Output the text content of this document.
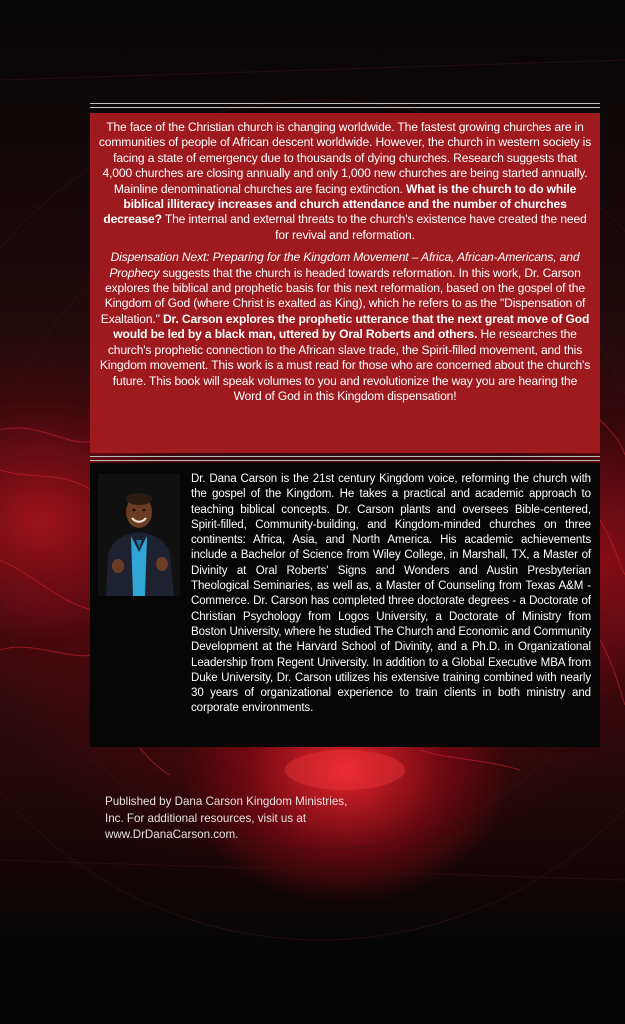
The face of the Christian church is changing worldwide. The fastest growing churches are in communities of people of African descent worldwide. However, the church in western society is facing a state of emergency due to thousands of dying churches. Research suggests that 4,000 churches are closing annually and only 1,000 new churches are being started annually. Mainline denominational churches are facing extinction. What is the church to do while biblical illiteracy increases and church attendance and the number of churches decrease? The internal and external threats to the church's existence have created the need for revival and reformation.

Dispensation Next: Preparing for the Kingdom Movement – Africa, African-Americans, and Prophecy suggests that the church is headed towards reformation. In this work, Dr. Carson explores the biblical and prophetic basis for this next reformation, based on the gospel of the Kingdom of God (where Christ is exalted as King), which he refers to as the "Dispensation of Exaltation." Dr. Carson explores the prophetic utterance that the next great move of God would be led by a black man, uttered by Oral Roberts and others. He researches the church's prophetic connection to the African slave trade, the Spirit-filled movement, and this Kingdom movement. This work is a must read for those who are concerned about the church's future. This book will speak volumes to you and revolutionize the way you are hearing the Word of God in this Kingdom dispensation!

Dr. Dana Carson is the 21st century Kingdom voice, reforming the church with the gospel of the Kingdom. He takes a practical and academic approach to teaching biblical concepts. Dr. Carson plants and oversees Bible-centered, Spirit-filled, Community-building, and Kingdom-minded churches on three continents: Africa, Asia, and North America. His academic achievements include a Bachelor of Science from Wiley College, in Marshall, TX, a Master of Divinity at Oral Roberts' Signs and Wonders and Austin Presbyterian Theological Seminaries, as well as, a Master of Counseling from Texas A&M - Commerce. Dr. Carson has completed three doctorate degrees - a Doctorate of Christian Psychology from Logos University, a Doctorate of Ministry from Boston University, where he studied The Church and Economic and Community Development at the Harvard School of Divinity, and a Ph.D. in Organizational Leadership from Regent University. In addition to a Global Executive MBA from Duke University, Dr. Carson utilizes his extensive training combined with nearly 30 years of organizational experience to train clients in both ministry and corporate environments.

Published by Dana Carson Kingdom Ministries,
Inc. For additional resources, visit us at
www.DrDanaCarson.com.
